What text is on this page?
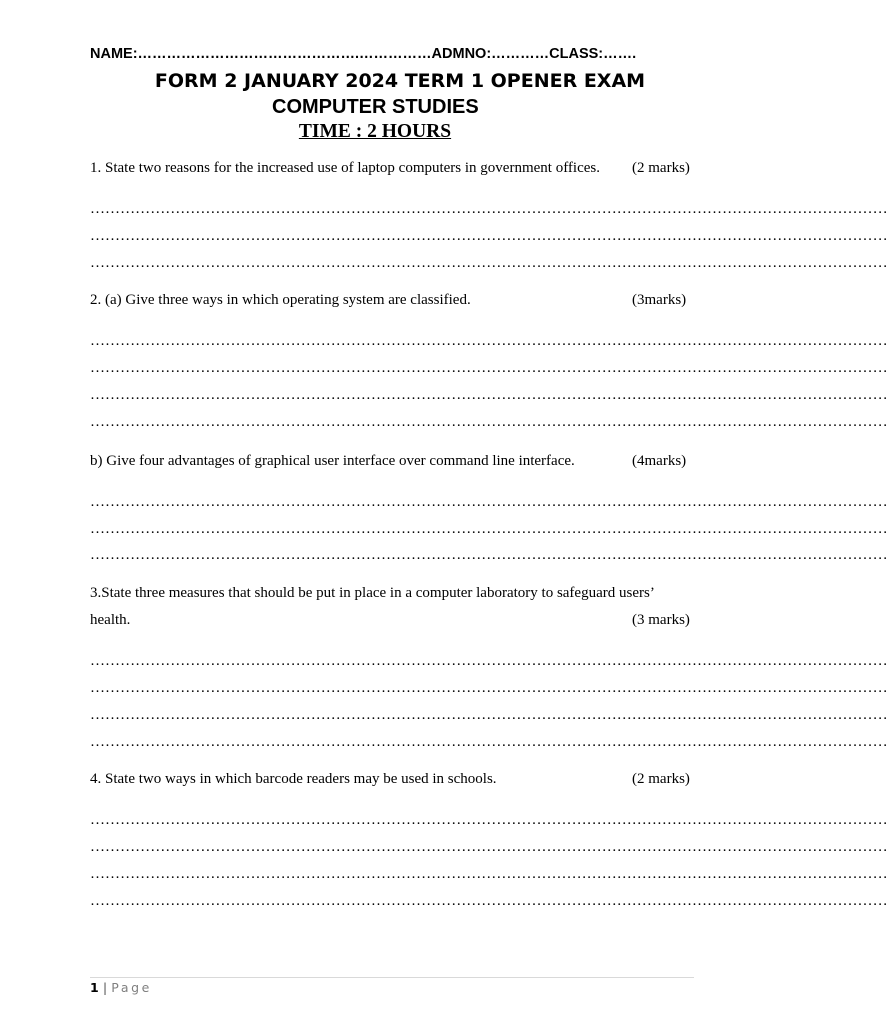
NAME:……………………………………….……………ADMNO:…………CLASS:…….
FORM 2 JANUARY 2024 TERM 1 OPENER EXAM
COMPUTER STUDIES
TIME : 2 HOURS
1. State two reasons for the increased use of laptop computers in government offices.	(2 marks)
……………………………………………………………………………………………………………………………………………
……………………………………………………………………………………………………………………………………………
……………………………………………………………………………………………………………………………………………
2. (a) Give three ways in which operating system are classified.	(3marks)
……………………………………………………………………………………………………………………………………………
……………………………………………………………………………………………………………………………………………
……………………………………………………………………………………………………………………………………………
……………………………………………………………………………………………………………………………………………
b) Give four advantages of graphical user interface over command line interface.	(4marks)
……………………………………………………………………………………………………………………………………………
……………………………………………………………………………………………………………………………………………
……………………………………………………………………………………………………………………………………………
3.State three measures that should be put in place in a computer laboratory to safeguard users’
health.	(3 marks)
……………………………………………………………………………………………………………………………………………
……………………………………………………………………………………………………………………………………………
……………………………………………………………………………………………………………………………………………
……………………………………………………………………………………………………………………………………………
4. State two ways in which barcode readers may be used in schools.	(2 marks)
……………………………………………………………………………………………………………………………………………
……………………………………………………………………………………………………………………………………………
……………………………………………………………………………………………………………………………………………
……………………………………………………………………………………………………………………………………………
1 | Page
